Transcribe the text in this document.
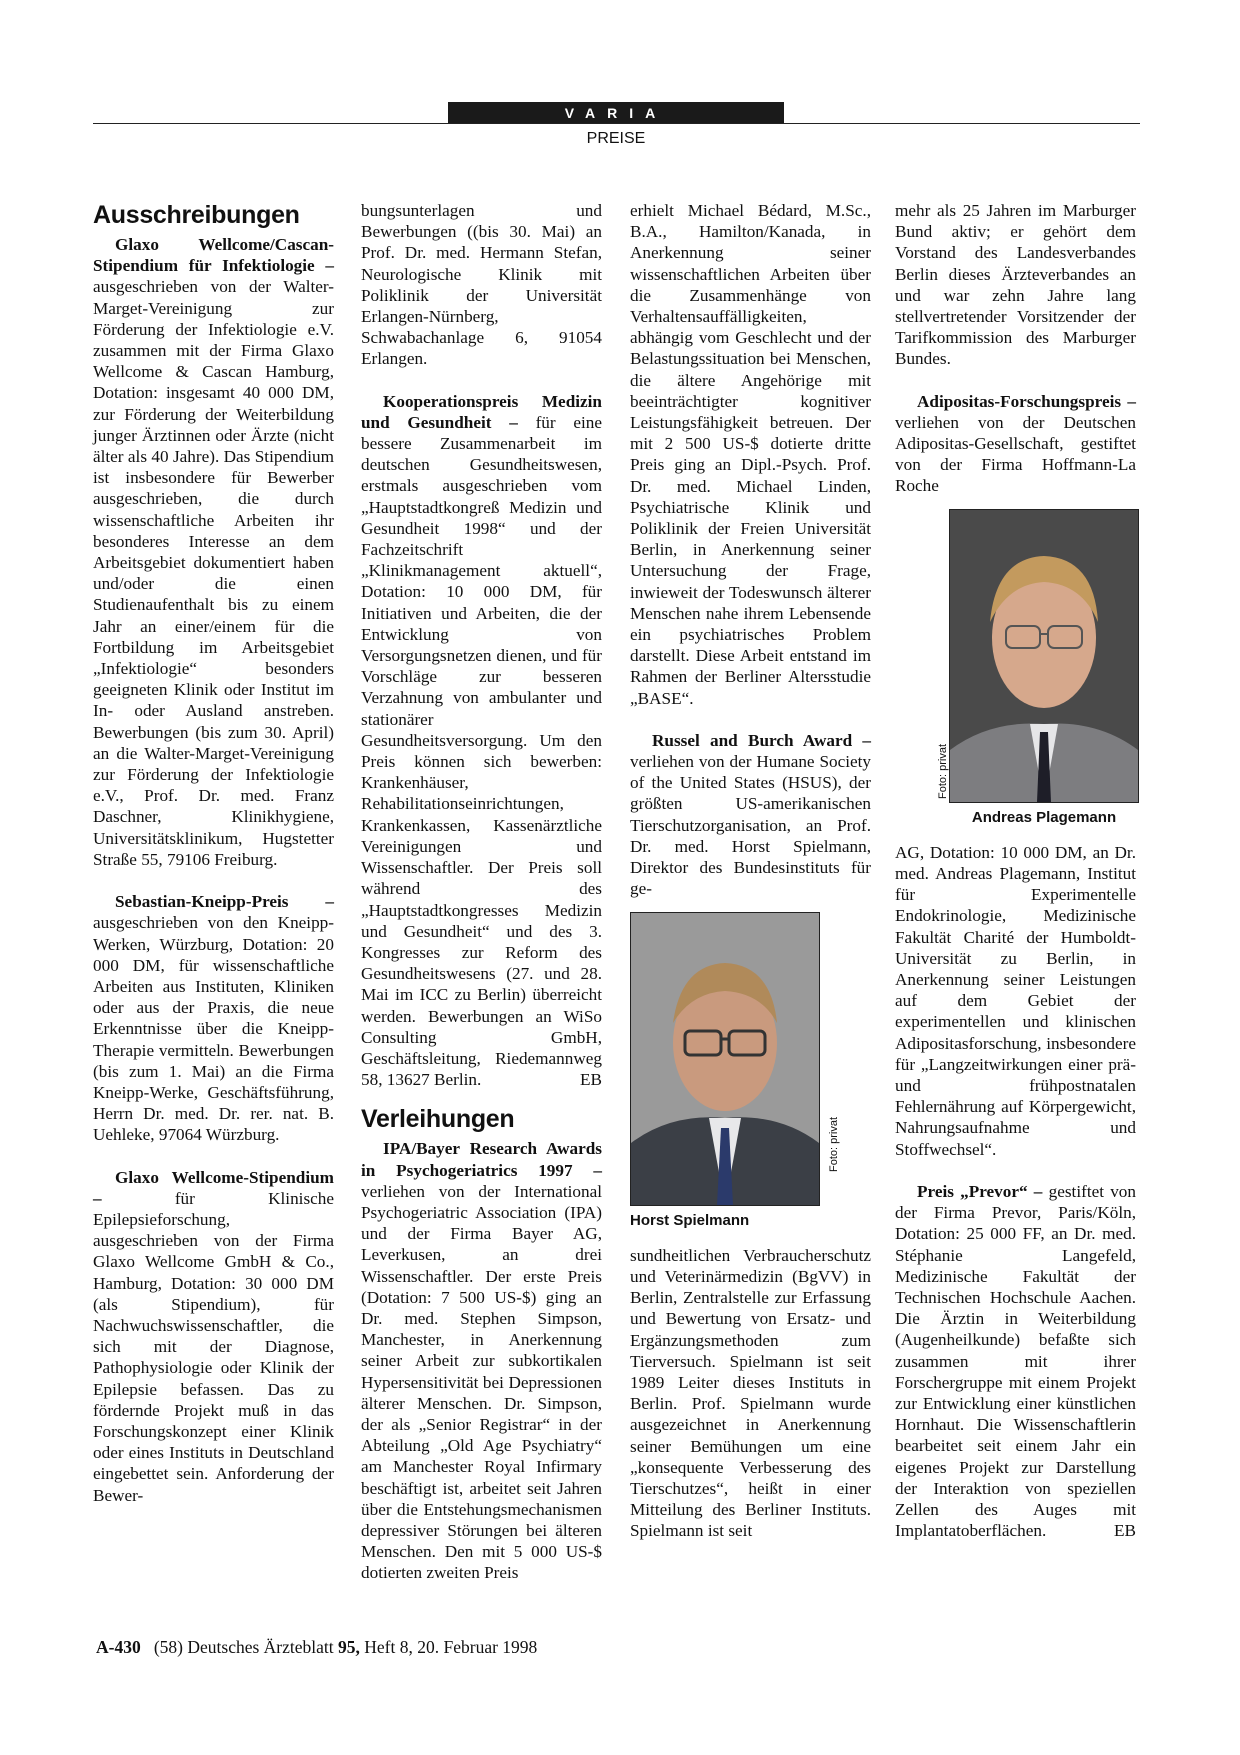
VARIA
PREISE
Ausschreibungen

Glaxo Wellcome/Cascan-Stipendium für Infektiologie – ausgeschrieben von der Walter-Marget-Vereinigung zur Förderung der Infektiologie e.V. zusammen mit der Firma Glaxo Wellcome & Cascan Hamburg, Dotation: insgesamt 40 000 DM, zur Förderung der Weiterbildung junger Ärztinnen oder Ärzte (nicht älter als 40 Jahre). Das Stipendium ist insbesondere für Bewerber ausgeschrieben, die durch wissenschaftliche Arbeiten ihr besonderes Interesse an dem Arbeitsgebiet dokumentiert haben und/oder die einen Studienaufenthalt bis zu einem Jahr an einer/einem für die Fortbildung im Arbeitsgebiet „Infektiologie“ besonders geeigneten Klinik oder Institut im In- oder Ausland anstreben. Bewerbungen (bis zum 30. April) an die Walter-Marget-Vereinigung zur Förderung der Infektiologie e.V., Prof. Dr. med. Franz Daschner, Klinikhygiene, Universitätsklinikum, Hugstetter Straße 55, 79106 Freiburg.

Sebastian-Kneipp-Preis – ausgeschrieben von den Kneipp-Werken, Würzburg, Dotation: 20 000 DM, für wissenschaftliche Arbeiten aus Instituten, Kliniken oder aus der Praxis, die neue Erkenntnisse über die Kneipp-Therapie vermitteln. Bewerbungen (bis zum 1. Mai) an die Firma Kneipp-Werke, Geschäftsführung, Herrn Dr. med. Dr. rer. nat. B. Uehleke, 97064 Würzburg.

Glaxo Wellcome-Stipendium – für Klinische Epilepsieforschung, ausgeschrieben von der Firma Glaxo Wellcome GmbH & Co., Hamburg, Dotation: 30 000 DM (als Stipendium), für Nachwuchswissenschaftler, die sich mit der Diagnose, Pathophysiologie oder Klinik der Epilepsie befassen. Das zu fördernde Projekt muß in das Forschungskonzept einer Klinik oder eines Instituts in Deutschland eingebettet sein. Anforderung der Bewer-

bungsunterlagen und Bewerbungen ((bis 30. Mai) an Prof. Dr. med. Hermann Stefan, Neurologische Klinik mit Poliklinik der Universität Erlangen-Nürnberg, Schwabachanlage 6, 91054 Erlangen.

Kooperationspreis Medizin und Gesundheit – für eine bessere Zusammenarbeit im deutschen Gesundheitswesen, erstmals ausgeschrieben vom „Hauptstadtkongreß Medizin und Gesundheit 1998“ und der Fachzeitschrift „Klinikmanagement aktuell“, Dotation: 10 000 DM, für Initiativen und Arbeiten, die der Entwicklung von Versorgungsnetzen dienen, und für Vorschläge zur besseren Verzahnung von ambulanter und stationärer Gesundheitsversorgung. Um den Preis können sich bewerben: Krankenhäuser, Rehabilitationseinrichtungen, Krankenkassen, Kassenärztliche Vereinigungen und Wissenschaftler. Der Preis soll während des „Hauptstadtkongresses Medizin und Gesundheit“ und des 3. Kongresses zur Reform des Gesundheitswesens (27. und 28. Mai im ICC zu Berlin) überreicht werden. Bewerbungen an WiSo Consulting GmbH, Geschäftsleitung, Riedemannweg 58, 13627 Berlin.	EB

Verleihungen

IPA/Bayer Research Awards in Psychogeriatrics 1997 – verliehen von der International Psychogeriatric Association (IPA) und der Firma Bayer AG, Leverkusen, an drei Wissenschaftler. Der erste Preis (Dotation: 7 500 US-$) ging an Dr. med. Stephen Simpson, Manchester, in Anerkennung seiner Arbeit zur subkortikalen Hypersensitivität bei Depressionen älterer Menschen. Dr. Simpson, der als „Senior Registrar“ in der Abteilung „Old Age Psychiatry“ am Manchester Royal Infirmary beschäftigt ist, arbeitet seit Jahren über die Entstehungsmechanismen depressiver Störungen bei älteren Menschen. Den mit 5 000 US-$ dotierten zweiten Preis

erhielt Michael Bédard, M.Sc., B.A., Hamilton/Kanada, in Anerkennung seiner wissenschaftlichen Arbeiten über die Zusammenhänge von Verhaltensauffälligkeiten, abhängig vom Geschlecht und der Belastungssituation bei Menschen, die ältere Angehörige mit beeinträchtigter kognitiver Leistungsfähigkeit betreuen. Der mit 2 500 US-$ dotierte dritte Preis ging an Dipl.-Psych. Prof. Dr. med. Michael Linden, Psychiatrische Klinik und Poliklinik der Freien Universität Berlin, in Anerkennung seiner Untersuchung der Frage, inwieweit der Todeswunsch älterer Menschen nahe ihrem Lebensende ein psychiatrisches Problem darstellt. Diese Arbeit entstand im Rahmen der Berliner Altersstudie „BASE“.

Russel and Burch Award – verliehen von der Humane Society of the United States (HSUS), der größten US-amerikanischen Tierschutzorganisation, an Prof. Dr. med. Horst Spielmann, Direktor des Bundesinstituts für ge-

Foto: privat
Horst Spielmann

sundheitlichen Verbraucherschutz und Veterinärmedizin (BgVV) in Berlin, Zentralstelle zur Erfassung und Bewertung von Ersatz- und Ergänzungsmethoden zum Tierversuch. Spielmann ist seit 1989 Leiter dieses Instituts in Berlin. Prof. Spielmann wurde ausgezeichnet in Anerkennung seiner Bemühungen um eine „konsequente Verbesserung des Tierschutzes“, heißt in einer Mitteilung des Berliner Instituts. Spielmann ist seit

mehr als 25 Jahren im Marburger Bund aktiv; er gehört dem Vorstand des Landesverbandes Berlin dieses Ärzteverbandes an und war zehn Jahre lang stellvertretender Vorsitzender der Tarifkommission des Marburger Bundes.

Adipositas-Forschungspreis – verliehen von der Deutschen Adipositas-Gesellschaft, gestiftet von der Firma Hoffmann-La Roche

Foto: privat
Andreas Plagemann

AG, Dotation: 10 000 DM, an Dr. med. Andreas Plagemann, Institut für Experimentelle Endokrinologie, Medizinische Fakultät Charité der Humboldt-Universität zu Berlin, in Anerkennung seiner Leistungen auf dem Gebiet der experimentellen und klinischen Adipositasforschung, insbesondere für „Langzeitwirkungen einer prä- und frühpostnatalen Fehlernährung auf Körpergewicht, Nahrungsaufnahme und Stoffwechsel“.

Preis „Prevor“ – gestiftet von der Firma Prevor, Paris/Köln, Dotation: 25 000 FF, an Dr. med. Stéphanie Langefeld, Medizinische Fakultät der Technischen Hochschule Aachen. Die Ärztin in Weiterbildung (Augenheilkunde) befaßte sich zusammen mit ihrer Forschergruppe mit einem Projekt zur Entwicklung einer künstlichen Hornhaut. Die Wissenschaftlerin bearbeitet seit einem Jahr ein eigenes Projekt zur Darstellung der Interaktion von speziellen Zellen des Auges mit Implantatoberflächen.	EB

A-430 (58) Deutsches Ärzteblatt 95, Heft 8, 20. Februar 1998
